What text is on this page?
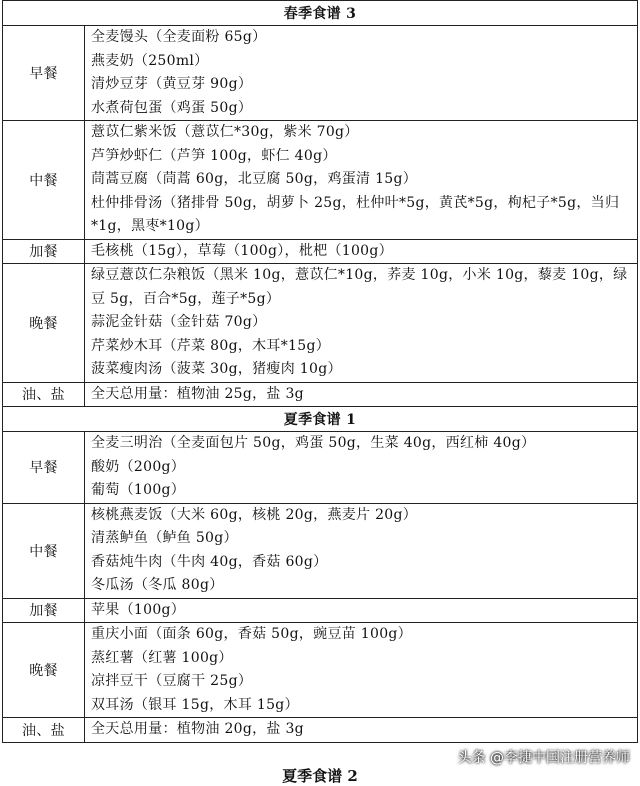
春季食谱 3	
早餐	全麦馒头（全麦面粉 65g）
燕麦奶（250ml）
清炒豆芽（黄豆芽 90g）
水煮荷包蛋（鸡蛋 50g）

中餐	薏苡仁紫米饭（薏苡仁*30g，紫米 70g）
芦笋炒虾仁（芦笋 100g，虾仁 40g）
茼蒿豆腐（茼蒿 60g，北豆腐 50g，鸡蛋清 15g）
杜仲排骨汤（猪排骨 50g，胡萝卜 25g，杜仲叶*5g，黄芪*5g，枸杞子*5g，当归*1g，黑枣*10g）

加餐	毛核桃（15g），草莓（100g），枇杷（100g）

晚餐	绿豆薏苡仁杂粮饭（黑米 10g，薏苡仁*10g，荞麦 10g，小米 10g，藜麦 10g，绿豆 5g，百合*5g，莲子*5g）
蒜泥金针菇（金针菇 70g）
芹菜炒木耳（芹菜 80g，木耳*15g）
菠菜瘦肉汤（菠菜 30g，猪瘦肉 10g）

油、盐	全天总用量：植物油 25g，盐 3g

夏季食谱 1	
早餐	全麦三明治（全麦面包片 50g，鸡蛋 50g，生菜 40g，西红柿 40g）
酸奶（200g）
葡萄（100g）

中餐	核桃燕麦饭（大米 60g，核桃 20g，燕麦片 20g）
清蒸鲈鱼（鲈鱼 50g）
香菇炖牛肉（牛肉 40g，香菇 60g）
冬瓜汤（冬瓜 80g）

加餐	苹果（100g）

晚餐	重庆小面（面条 60g，香菇 50g，豌豆苗 100g）
蒸红薯（红薯 100g）
凉拌豆干（豆腐干 25g）
双耳汤（银耳 15g，木耳 15g）

油、盐	全天总用量：植物油 20g，盐 3g
夏季食谱 2
头条 @李捷中国注册营养师
